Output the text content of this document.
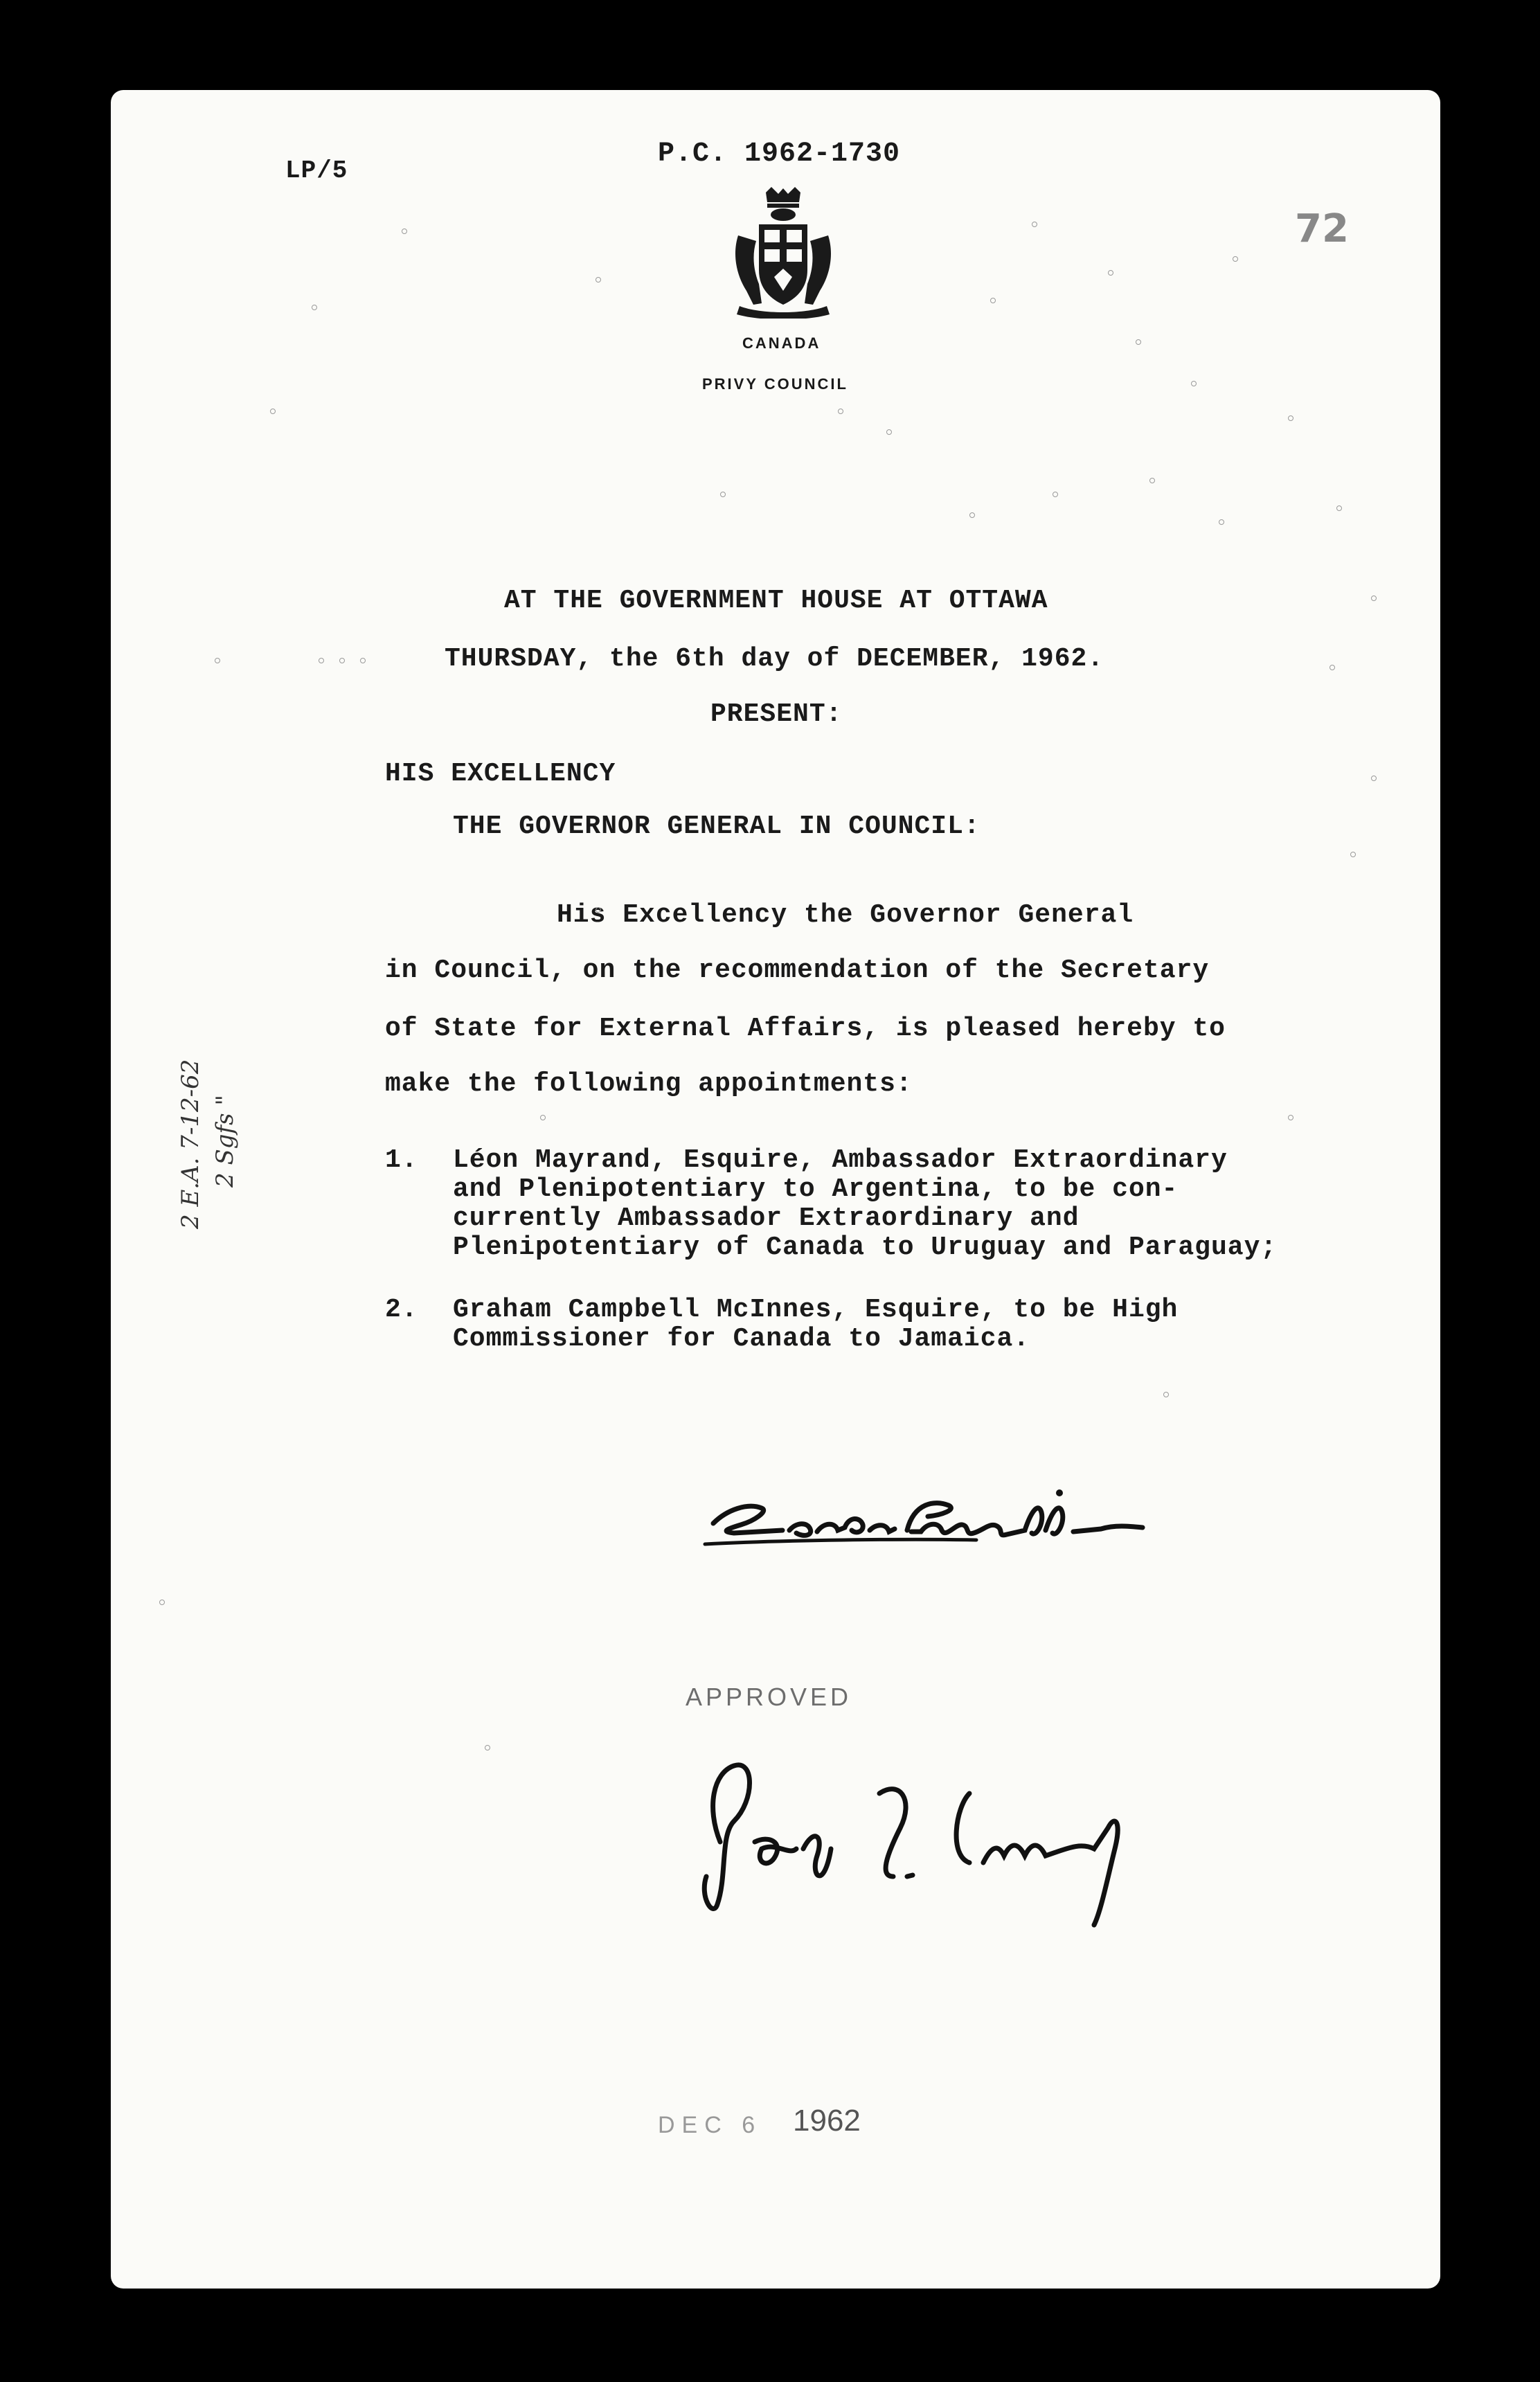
LP/5
P.C. 1962-1730
72
CANADA
PRIVY COUNCIL
AT THE GOVERNMENT HOUSE AT OTTAWA
THURSDAY, the 6th day of DECEMBER, 1962.
PRESENT:
HIS EXCELLENCY
THE GOVERNOR GENERAL IN COUNCIL:
His Excellency the Governor General
in Council, on the recommendation of the Secretary
of State for External Affairs, is pleased hereby to
make the following appointments:
1. Léon Mayrand, Esquire, Ambassador Extraordinary
and Plenipotentiary to Argentina, to be con-
currently Ambassador Extraordinary and
Plenipotentiary of Canada to Uruguay and Paraguay;
2. Graham Campbell McInnes, Esquire, to be High
Commissioner for Canada to Jamaica.
2 E.A. 7-12-62 2 Sgfs "
APPROVED
DEC 6 1962
